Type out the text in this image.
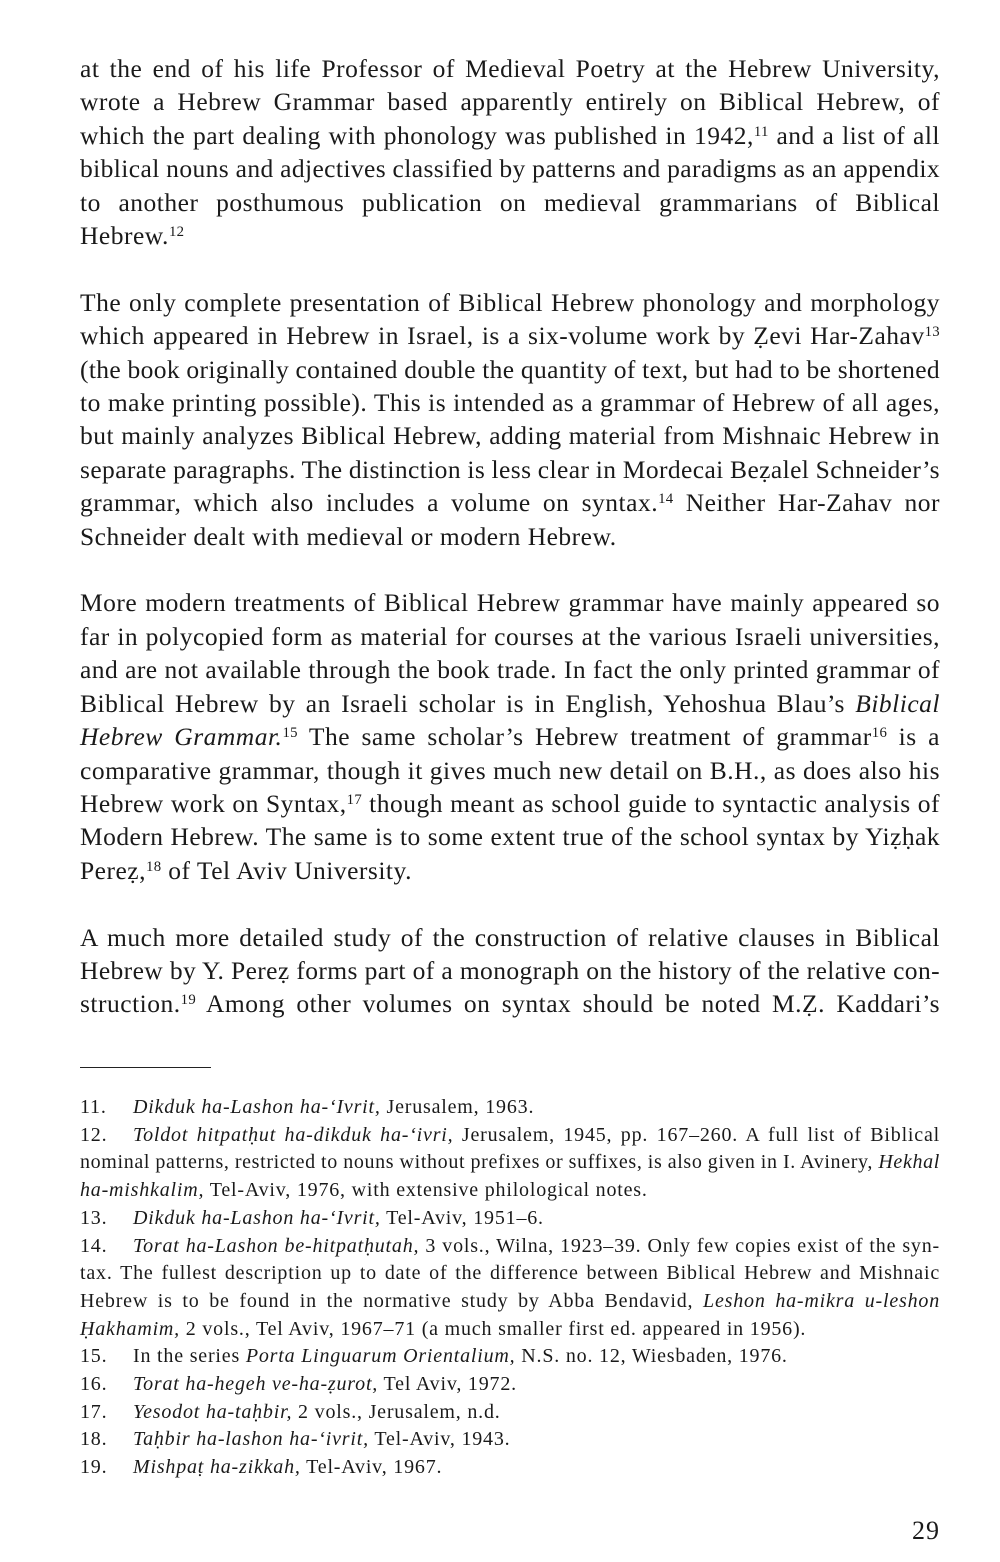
at the end of his life Professor of Medieval Poetry at the Hebrew University,
wrote a Hebrew Grammar based apparently entirely on Biblical Hebrew, of
which the part dealing with phonology was published in 1942,11 and a list of all
biblical nouns and adjectives classified by patterns and paradigms as an appendix
to another posthumous publication on medieval grammarians of Biblical
Hebrew.$^{12}$
The only complete presentation of Biblical Hebrew phonology and morphology
which appeared in Hebrew in Israel, is a six-volume work by Ẓevi Har-Zahav$^{13}$
(the book originally contained double the quantity of text, but had to be shortened
to make printing possible). This is intended as a grammar of Hebrew of all ages,
but mainly analyzes Biblical Hebrew, adding material from Mishnaic Hebrew in
separate paragraphs. The distinction is less clear in Mordecai Beẓalel Schneider’s
grammar, which also includes a volume on syntax.$^{14}$ Neither Har-Zahav nor
Schneider dealt with medieval or modern Hebrew.
More modern treatments of Biblical Hebrew grammar have mainly appeared so
far in polycopied form as material for courses at the various Israeli universities,
and are not available through the book trade. In fact the only printed grammar of
Biblical Hebrew by an Israeli scholar is in English, Yehoshua Blau’s Biblical
Hebrew Grammar.$^{15}$ The same scholar’s Hebrew treatment of grammar$^{16}$ is a
comparative grammar, though it gives much new detail on B.H., as does also his
Hebrew work on Syntax,$^{17}$ though meant as school guide to syntactic analysis of
Modern Hebrew. The same is to some extent true of the school syntax by Yiẓḥak
Pereẓ,$^{18}$ of Tel Aviv University.
A much more detailed study of the construction of relative clauses in Biblical
Hebrew by Y. Pereẓ forms part of a monograph on the history of the relative con-
struction.$^{19}$ Among other volumes on syntax should be noted M.Ẓ. Kaddari’s
11. Dikduk ha-Lashon ha-‘Ivrit, Jerusalem, 1963.
12. Toldot hitpatḥut ha-dikduk ha-‘ivri, Jerusalem, 1945, pp. 167–260. A full list of Biblical
nominal patterns, restricted to nouns without prefixes or suffixes, is also given in I. Avinery, Hekhal
ha-mishkalim, Tel-Aviv, 1976, with extensive philological notes.
13. Dikduk ha-Lashon ha-‘Ivrit, Tel-Aviv, 1951–6.
14. Torat ha-Lashon be-hitpatḥutah, 3 vols., Wilna, 1923–39. Only few copies exist of the syn-
tax. The fullest description up to date of the difference between Biblical Hebrew and Mishnaic
Hebrew is to be found in the normative study by Abba Bendavid, Leshon ha-mikra u-leshon
Ḥakhamim, 2 vols., Tel Aviv, 1967–71 (a much smaller first ed. appeared in 1956).
15. In the series Porta Linguarum Orientalium, N.S. no. 12, Wiesbaden, 1976.
16. Torat ha-hegeh ve-ha-ẓurot, Tel Aviv, 1972.
17. Yesodot ha-taḥbir, 2 vols., Jerusalem, n.d.
18. Taḥbir ha-lashon ha-‘ivrit, Tel-Aviv, 1943.
19. Mishpaṭ ha-zikkah, Tel-Aviv, 1967.
29
